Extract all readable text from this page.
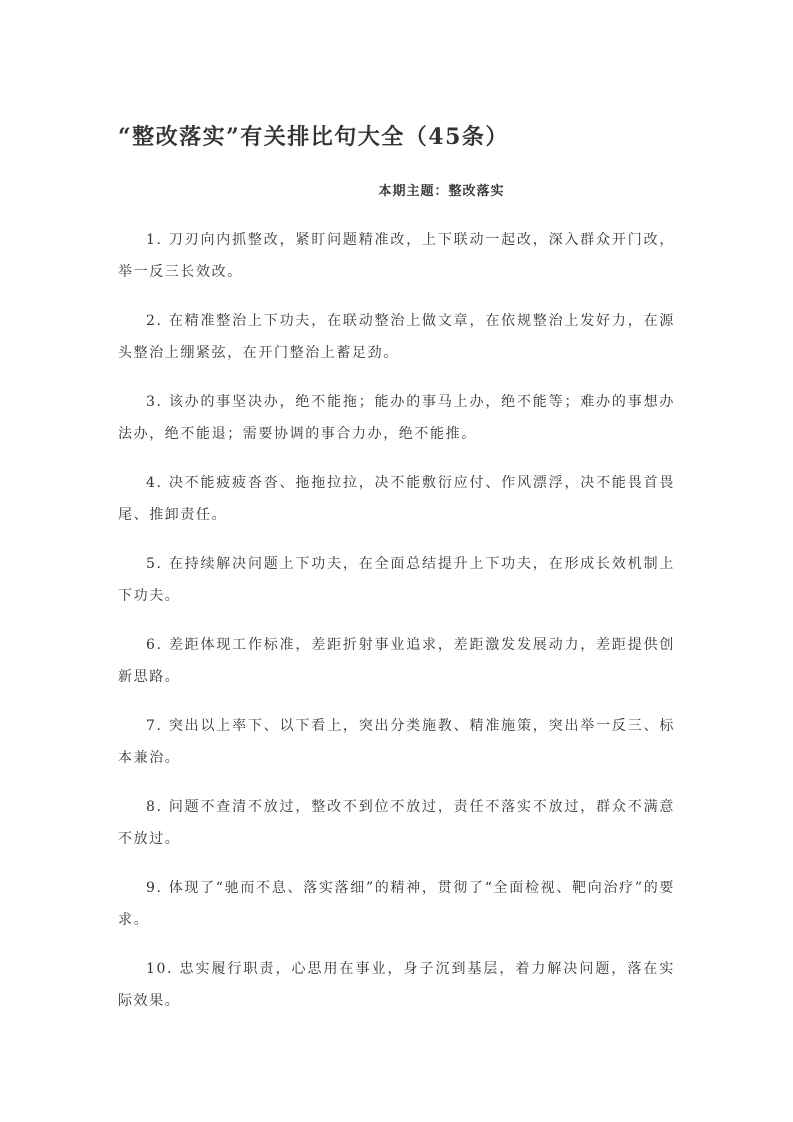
“整改落实”有关排比句大全（45条）

本期主题：整改落实

1. 刀刃向内抓整改，紧盯问题精准改，上下联动一起改，深入群众开门改，举一反三长效改。

2. 在精准整治上下功夫，在联动整治上做文章，在依规整治上发好力，在源头整治上绷紧弦，在开门整治上蓄足劲。

3. 该办的事坚决办，绝不能拖；能办的事马上办，绝不能等；难办的事想办法办，绝不能退；需要协调的事合力办，绝不能推。

4. 决不能疲疲沓沓、拖拖拉拉，决不能敷衍应付、作风漂浮，决不能畏首畏尾、推卸责任。

5. 在持续解决问题上下功夫，在全面总结提升上下功夫，在形成长效机制上下功夫。

6. 差距体现工作标准，差距折射事业追求，差距激发发展动力，差距提供创新思路。

7. 突出以上率下、以下看上，突出分类施教、精准施策，突出举一反三、标本兼治。

8. 问题不查清不放过，整改不到位不放过，责任不落实不放过，群众不满意不放过。

9. 体现了“驰而不息、落实落细”的精神，贯彻了“全面检视、靶向治疗”的要求。

10. 忠实履行职责，心思用在事业，身子沉到基层，着力解决问题，落在实际效果。
